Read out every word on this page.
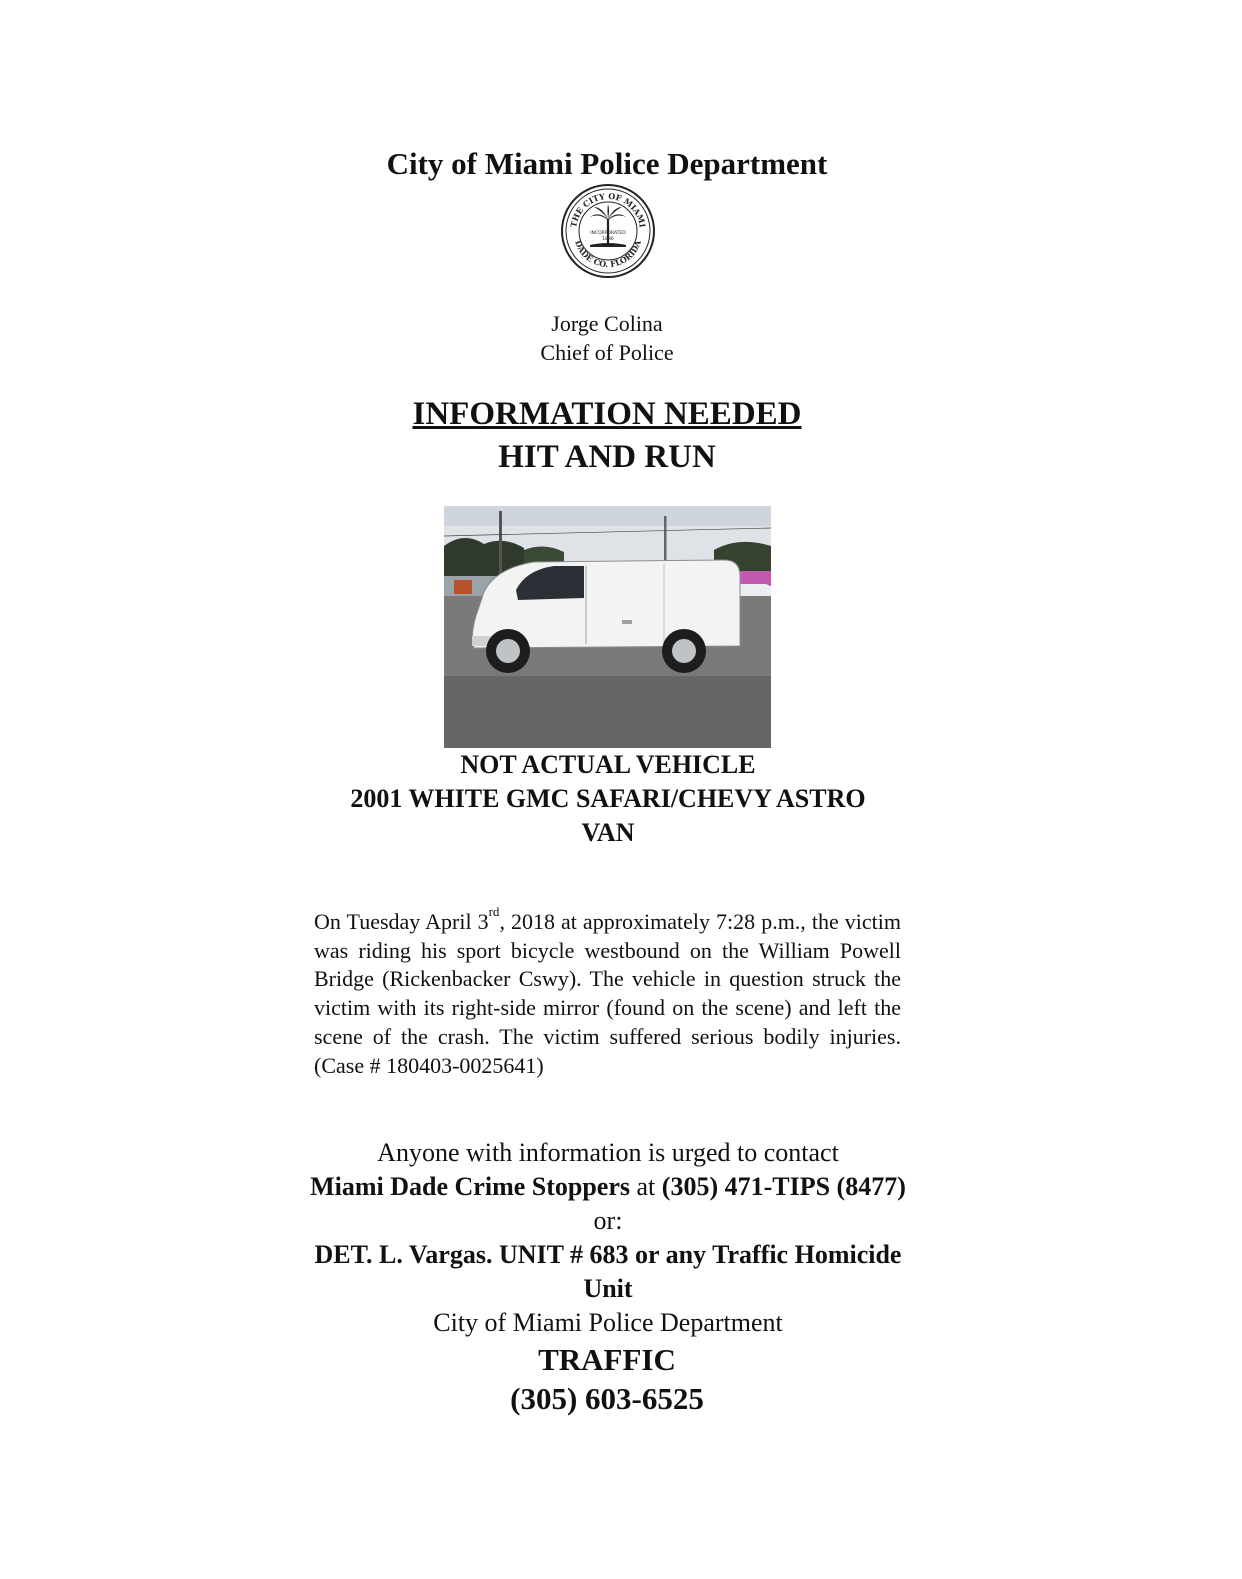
City of Miami Police Department
THE CITY OF MIAMI
DADE CO. FLORIDA
INCORPORATED
1896
Jorge Colina
Chief of Police
INFORMATION NEEDED
HIT AND RUN
NOT ACTUAL VEHICLE
2001 WHITE GMC SAFARI/CHEVY ASTRO
VAN
On Tuesday April 3rd, 2018 at approximately 7:28 p.m., the victim was riding his sport bicycle westbound on the William Powell Bridge (Rickenbacker Cswy). The vehicle in question struck the victim with its right-side mirror (found on the scene) and left the scene of the crash. The victim suffered serious bodily injuries. (Case # 180403-0025641)
Anyone with information is urged to contact
Miami Dade Crime Stoppers at (305) 471-TIPS (8477) or:
DET. L. Vargas. UNIT # 683 or any Traffic Homicide Unit
City of Miami Police Department
TRAFFIC
(305) 603-6525
